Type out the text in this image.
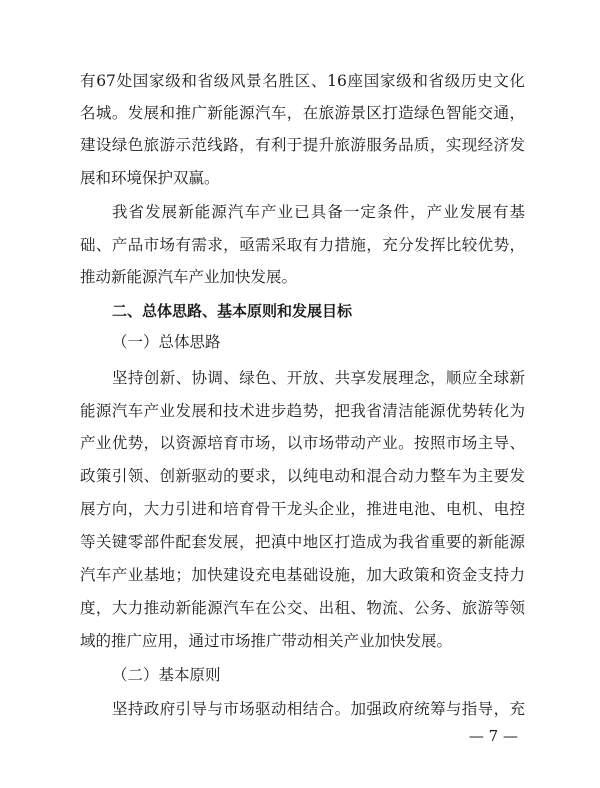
有67处国家级和省级风景名胜区、16座国家级和省级历史文化
名城。发展和推广新能源汽车，在旅游景区打造绿色智能交通，
建设绿色旅游示范线路，有利于提升旅游服务品质，实现经济发
展和环境保护双赢。
我省发展新能源汽车产业已具备一定条件，产业发展有基
础、产品市场有需求，亟需采取有力措施，充分发挥比较优势，
推动新能源汽车产业加快发展。
二、总体思路、基本原则和发展目标
（一）总体思路
坚持创新、协调、绿色、开放、共享发展理念，顺应全球新
能源汽车产业发展和技术进步趋势，把我省清洁能源优势转化为
产业优势，以资源培育市场，以市场带动产业。按照市场主导、
政策引领、创新驱动的要求，以纯电动和混合动力整车为主要发
展方向，大力引进和培育骨干龙头企业，推进电池、电机、电控
等关键零部件配套发展，把滇中地区打造成为我省重要的新能源
汽车产业基地；加快建设充电基础设施，加大政策和资金支持力
度，大力推动新能源汽车在公交、出租、物流、公务、旅游等领
域的推广应用，通过市场推广带动相关产业加快发展。
（二）基本原则
坚持政府引导与市场驱动相结合。加强政府统筹与指导，充
— 7 —
